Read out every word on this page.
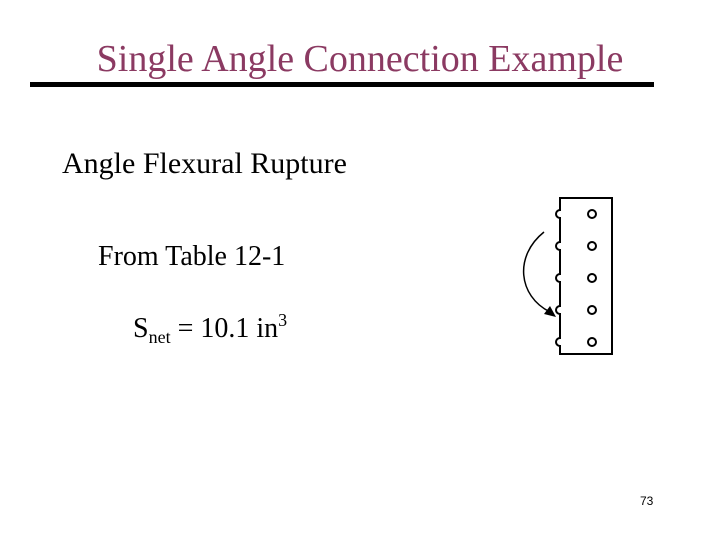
Single Angle Connection Example
Angle Flexural Rupture
From Table 12-1
$S_{net} = 10.1$ $in^3$
73
